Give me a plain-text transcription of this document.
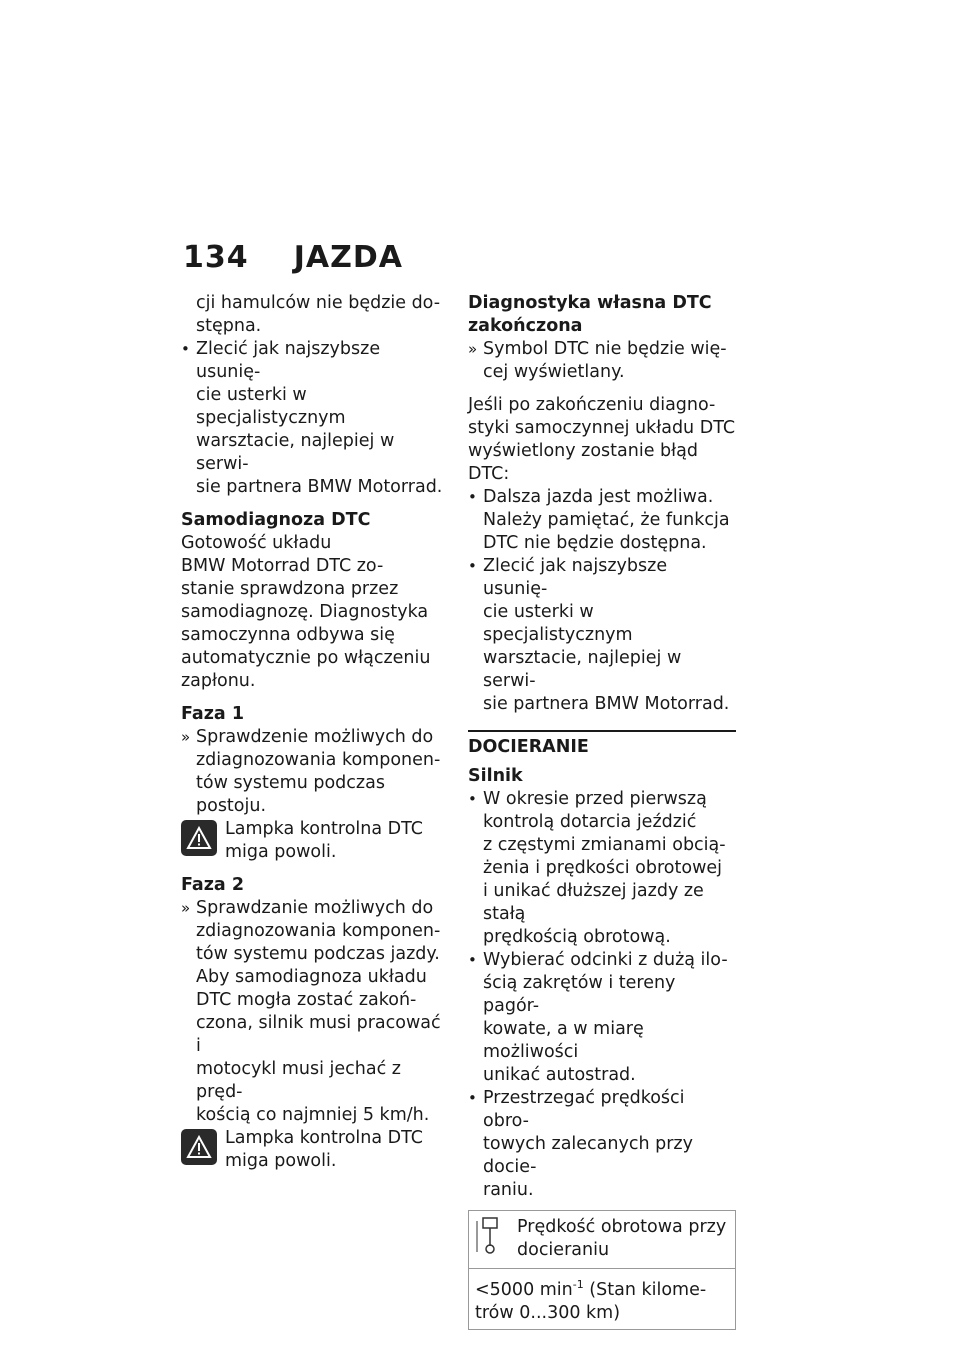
134 JAZDA

cji hamulców nie będzie do-

stępna.

• Zlecić jak najszybsze usunię-
cie usterki w specjalistycznym
warsztacie, najlepiej w serwi-
sie partnera BMW Motorrad.

Samodiagnoza DTC

Gotowość układu
BMW Motorrad DTC zo-
stanie sprawdzona przez
samodiagnozę. Diagnostyka
samoczynna odbywa się
automatycznie po włączeniu
zapłonu.

Faza 1

» Sprawdzenie możliwych do
zdiagnozowania komponen-
tów systemu podczas postoju.
Lampka kontrolna DTC
miga powoli.

Faza 2

» Sprawdzanie możliwych do
zdiagnozowania komponen-
tów systemu podczas jazdy.
Aby samodiagnoza układu
DTC mogła zostać zakoń-
czona, silnik musi pracować i
motocykl musi jechać z pręd-
kością co najmniej 5 km/h.
Lampka kontrolna DTC
miga powoli.

Diagnostyka własna DTC
zakończona

» Symbol DTC nie będzie wię-
cej wyświetlany.
Jeśli po zakończeniu diagno-
styki samoczynnej układu DTC
wyświetlony zostanie błąd DTC:
• Dalsza jazda jest możliwa.
Należy pamiętać, że funkcja
DTC nie będzie dostępna.
• Zlecić jak najszybsze usunię-
cie usterki w specjalistycznym
warsztacie, najlepiej w serwi-
sie partnera BMW Motorrad.

DOCIERANIE

Silnik

• W okresie przed pierwszą
kontrolą dotarcia jeździć
z częstymi zmianami obcią-
żenia i prędkości obrotowej
i unikać dłuższej jazdy ze stałą
prędkością obrotową.
• Wybierać odcinki z dużą ilo-
ścią zakrętów i tereny pagór-
kowate, a w miarę możliwości
unikać autostrad.
• Przestrzegać prędkości obro-
towych zalecanych przy docie-
raniu.
Prędkość obrotowa przy
docieraniu
<5000 $\min^{-1} (Stan$ kilome-
trów 0...300 km)
